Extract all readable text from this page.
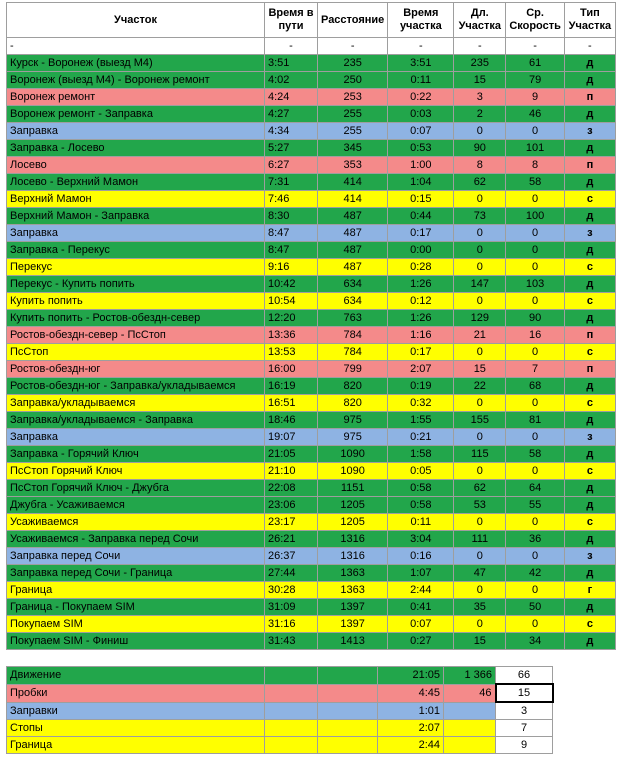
Участок	Время в пути	Расстояние	Время участка	Дл. Участка	Ср. Скорость	Тип Участка
-	-	-	-	-	-	-
Курск - Воронеж (выезд М4)	3:51	235	3:51	235	61	д
Воронеж (выезд М4) - Воронеж ремонт	4:02	250	0:11	15	79	д
Воронеж ремонт	4:24	253	0:22	3	9	п
Воронеж ремонт - Заправка	4:27	255	0:03	2	46	д
Заправка	4:34	255	0:07	0	0	з
Заправка - Лосево	5:27	345	0:53	90	101	д
Лосево	6:27	353	1:00	8	8	п
Лосево - Верхний Мамон	7:31	414	1:04	62	58	д
Верхний Мамон	7:46	414	0:15	0	0	с
Верхний Мамон - Заправка	8:30	487	0:44	73	100	д
Заправка	8:47	487	0:17	0	0	з
Заправка - Перекус	8:47	487	0:00	0	0	д
Перекус	9:16	487	0:28	0	0	с
Перекус - Купить попить	10:42	634	1:26	147	103	д
Купить попить	10:54	634	0:12	0	0	с
Купить попить - Ростов-обездн-север	12:20	763	1:26	129	90	д
Ростов-обездн-север - ПсСтоп	13:36	784	1:16	21	16	п
ПсСтоп	13:53	784	0:17	0	0	с
Ростов-обездн-юг	16:00	799	2:07	15	7	п
Ростов-обездн-юг - Заправка/укладываемся	16:19	820	0:19	22	68	д
Заправка/укладываемся	16:51	820	0:32	0	0	с
Заправка/укладываемся - Заправка	18:46	975	1:55	155	81	д
Заправка	19:07	975	0:21	0	0	з
Заправка - Горячий Ключ	21:05	1090	1:58	115	58	д
ПсСтоп Горячий Ключ	21:10	1090	0:05	0	0	с
ПсСтоп Горячий Ключ - Джубга	22:08	1151	0:58	62	64	д
Джубга - Усаживаемся	23:06	1205	0:58	53	55	д
Усаживаемся	23:17	1205	0:11	0	0	с
Усаживаемся - Заправка перед Сочи	26:21	1316	3:04	111	36	д
Заправка перед Сочи	26:37	1316	0:16	0	0	з
Заправка перед Сочи - Граница	27:44	1363	1:07	47	42	д
Граница	30:28	1363	2:44	0	0	г
Граница - Покупаем SIM	31:09	1397	0:41	35	50	д
Покупаем SIM	31:16	1397	0:07	0	0	с
Покупаем SIM - Финиш	31:43	1413	0:27	15	34	д
Движение			21:05	1 366	66
Пробки			4:45	46	15
Заправки			1:01		3
Стопы			2:07		7
Граница			2:44		9
